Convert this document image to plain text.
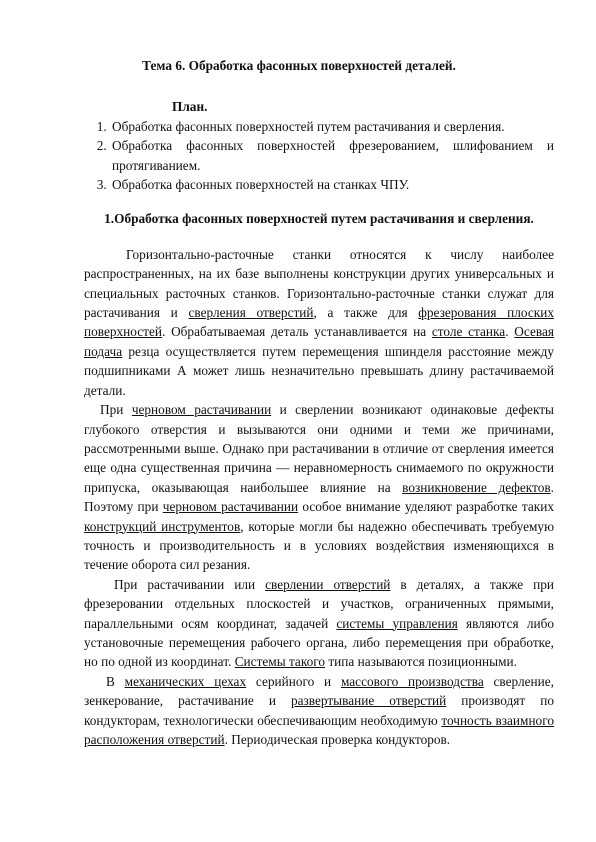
Тема 6. Обработка фасонных поверхностей деталей.
План.
1. Обработка фасонных поверхностей путем растачивания и сверления.
2. Обработка фасонных поверхностей фрезерованием, шлифованием и протягиванием.
3. Обработка фасонных поверхностей на станках ЧПУ.
1.Обработка фасонных поверхностей путем растачивания и сверления.

Горизонтально-расточные станки относятся к числу наиболее распространенных, на их базе выполнены конструкции других универсальных и специальных расточных станков. Горизонтально-расточные станки служат для растачивания и сверления отверстий, а также для фрезерования плоских поверхностей. Обрабатываемая деталь устанавливается на столе станка. Осевая подача резца осуществляется путем перемещения шпинделя расстояние между подшипниками А может лишь незначительно превышать длину растачиваемой детали.

При черновом растачивании и сверлении возникают одинаковые дефекты глубокого отверстия и вызываются они одними и теми же причинами, рассмотренными выше. Однако при растачивании в отличие от сверления имеется еще одна существенная причина — неравномерность снимаемого по окружности припуска, оказывающая наибольшее влияние на возникновение дефектов. Поэтому при черновом растачивании особое внимание уделяют разработке таких конструкций инструментов, которые могли бы надежно обеспечивать требуемую точность и производительность и в условиях воздействия изменяющихся в течение оборота сил резания.

При растачивании или сверлении отверстий в деталях, а также при фрезеровании отдельных плоскостей и участков, ограниченных прямыми, параллельными осям координат, задачей системы управления являются либо установочные перемещения рабочего органа, либо перемещения при обработке, но по одной из координат. Системы такого типа называются позиционными.

В механических цехах серийного и массового производства сверление, зенкерование, растачивание и развертывание отверстий производят по кондукторам, технологически обеспечивающим необходимую точность взаимного расположения отверстий. Периодическая проверка кондукторов.
